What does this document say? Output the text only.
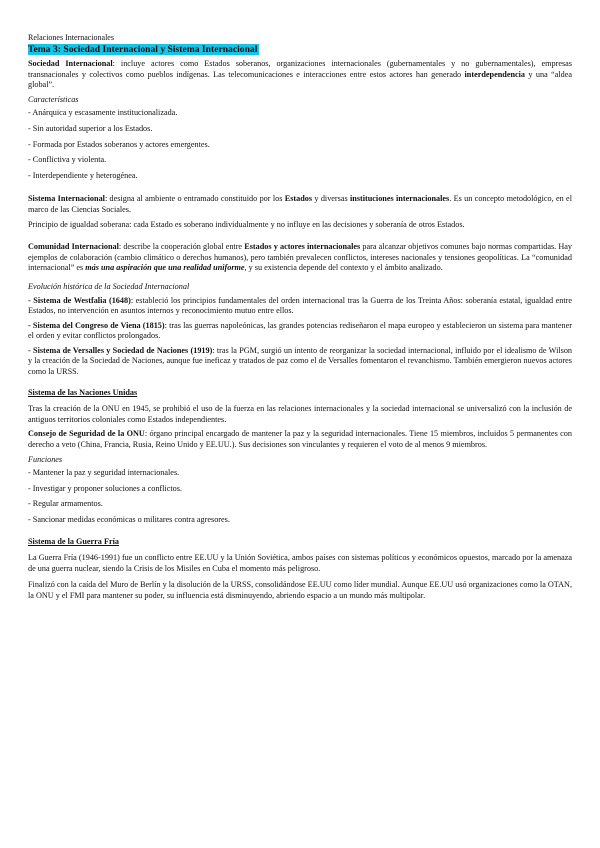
Relaciones Internacionales
Tema 3: Sociedad Internacional y Sistema Internacional

Sociedad Internacional: incluye actores como Estados soberanos, organizaciones internacionales (gubernamentales y no gubernamentales), empresas transnacionales y colectivos como pueblos indígenas. Las telecomunicaciones e interacciones entre estos actores han generado interdependencia y una “aldea global”.

Características
- Anárquica y escasamente institucionalizada.
- Sin autoridad superior a los Estados.
- Formada por Estados soberanos y actores emergentes.
- Conflictiva y violenta.
- Interdependiente y heterogénea.

Sistema Internacional: designa al ambiente o entramado constituido por los Estados y diversas instituciones internacionales. Es un concepto metodológico, en el marco de las Ciencias Sociales.

Principio de igualdad soberana: cada Estado es soberano individualmente y no influye en las decisiones y soberanía de otros Estados.

Comunidad Internacional: describe la cooperación global entre Estados y actores internacionales para alcanzar objetivos comunes bajo normas compartidas. Hay ejemplos de colaboración (cambio climático o derechos humanos), pero también prevalecen conflictos, intereses nacionales y tensiones geopolíticas. La “comunidad internacional” es más una aspiración que una realidad uniforme, y su existencia depende del contexto y el ámbito analizado.

Evolución histórica de la Sociedad Internacional

- Sistema de Westfalia (1648): estableció los principios fundamentales del orden internacional tras la Guerra de los Treinta Años: soberanía estatal, igualdad entre Estados, no intervención en asuntos internos y reconocimiento mutuo entre ellos.

- Sistema del Congreso de Viena (1815): tras las guerras napoleónicas, las grandes potencias rediseñaron el mapa europeo y establecieron un sistema para mantener el orden y evitar conflictos prolongados.

- Sistema de Versalles y Sociedad de Naciones (1919): tras la PGM, surgió un intento de reorganizar la sociedad internacional, influido por el idealismo de Wilson y la creación de la Sociedad de Naciones, aunque fue ineficaz y tratados de paz como el de Versalles fomentaron el revanchismo. También emergieron nuevos actores como la URSS.

Sistema de las Naciones Unidas

Tras la creación de la ONU en 1945, se prohibió el uso de la fuerza en las relaciones internacionales y la sociedad internacional se universalizó con la inclusión de antiguos territorios coloniales como Estados independientes.

Consejo de Seguridad de la ONU: órgano principal encargado de mantener la paz y la seguridad internacionales. Tiene 15 miembros, incluidos 5 permanentes con derecho a veto (China, Francia, Rusia, Reino Unido y EE.UU.). Sus decisiones son vinculantes y requieren el voto de al menos 9 miembros.

Funciones
- Mantener la paz y seguridad internacionales.
- Investigar y proponer soluciones a conflictos.
- Regular armamentos.
- Sancionar medidas económicas o militares contra agresores.
Sistema de la Guerra Fría

La Guerra Fría (1946-1991) fue un conflicto entre EE.UU y la Unión Soviética, ambos países con sistemas políticos y económicos opuestos, marcado por la amenaza de una guerra nuclear, siendo la Crisis de los Misiles en Cuba el momento más peligroso.

Finalizó con la caída del Muro de Berlín y la disolución de la URSS, consolidándose EE.UU como líder mundial. Aunque EE.UU usó organizaciones como la OTAN, la ONU y el FMI para mantener su poder, su influencia está disminuyendo, abriendo espacio a un mundo más multipolar.
